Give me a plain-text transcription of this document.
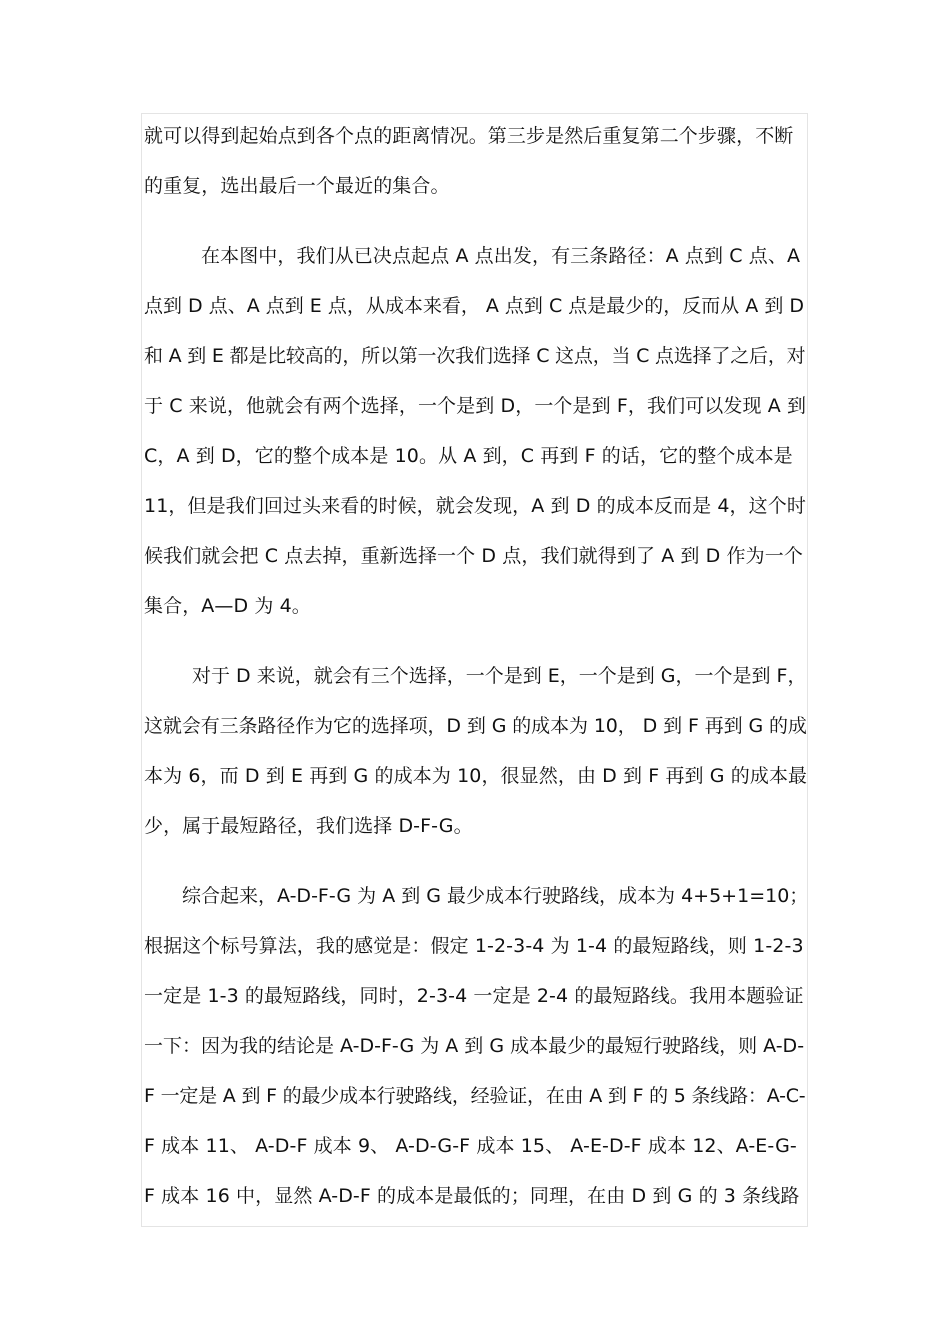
就可以得到起始点到各个点的距离情况。第三步是然后重复第二个步骤，不断
的重复，选出最后一个最近的集合。
在本图中，我们从已决点起点 A 点出发，有三条路径：A 点到 C 点、A
点到 D 点、A 点到 E 点，从成本来看， A 点到 C 点是最少的，反而从 A 到 D
和 A 到 E 都是比较高的，所以第一次我们选择 C 这点，当 C 点选择了之后，对
于 C 来说，他就会有两个选择，一个是到 D，一个是到 F，我们可以发现 A 到
C，A 到 D，它的整个成本是 10。从 A 到，C 再到 F 的话，它的整个成本是
11，但是我们回过头来看的时候，就会发现，A 到 D 的成本反而是 4，这个时
候我们就会把 C 点去掉，重新选择一个 D 点，我们就得到了 A 到 D 作为一个
集合，A—D 为 4。
对于 D 来说，就会有三个选择，一个是到 E，一个是到 G，一个是到 F，
这就会有三条路径作为它的选择项，D 到 G 的成本为 10， D 到 F 再到 G 的成
本为 6，而 D 到 E 再到 G 的成本为 10，很显然，由 D 到 F 再到 G 的成本最
少，属于最短路径，我们选择 D-F-G。
综合起来，A-D-F-G 为 A 到 G 最少成本行驶路线，成本为 4+5+1=10；
根据这个标号算法，我的感觉是：假定 1-2-3-4 为 1-4 的最短路线，则 1-2-3
一定是 1-3 的最短路线，同时，2-3-4 一定是 2-4 的最短路线。我用本题验证
一下：因为我的结论是 A-D-F-G 为 A 到 G 成本最少的最短行驶路线，则 A-D-
F 一定是 A 到 F 的最少成本行驶路线，经验证，在由 A 到 F 的 5 条线路：A-C-
F 成本 11、 A-D-F 成本 9、 A-D-G-F 成本 15、 A-E-D-F 成本 12、A-E-G-
F 成本 16 中，显然 A-D-F 的成本是最低的；同理，在由 D 到 G 的 3 条线路
